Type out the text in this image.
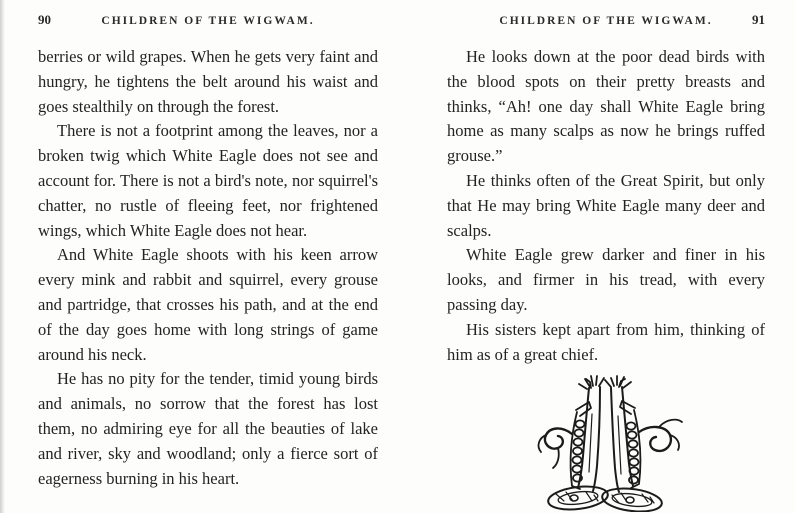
90	CHILDREN OF THE WIGWAM.

berries or wild grapes. When he gets very faint and hungry, he tightens the belt around his waist and goes stealthily on through the forest.

There is not a footprint among the leaves, nor a broken twig which White Eagle does not see and account for. There is not a bird's note, nor squirrel's chatter, no rustle of fleeing feet, nor frightened wings, which White Eagle does not hear.

And White Eagle shoots with his keen arrow every mink and rabbit and squirrel, every grouse and partridge, that crosses his path, and at the end of the day goes home with long strings of game around his neck.

He has no pity for the tender, timid young birds and animals, no sorrow that the forest has lost them, no admiring eye for all the beauties of lake and river, sky and woodland; only a fierce sort of eagerness burning in his heart.

CHILDREN OF THE WIGWAM.	91

He looks down at the poor dead birds with the blood spots on their pretty breasts and thinks, “Ah! one day shall White Eagle bring home as many scalps as now he brings ruffed grouse.”

He thinks often of the Great Spirit, but only that He may bring White Eagle many deer and scalps.

White Eagle grew darker and finer in his looks, and firmer in his tread, with every passing day.

His sisters kept apart from him, thinking of him as of a great chief.
